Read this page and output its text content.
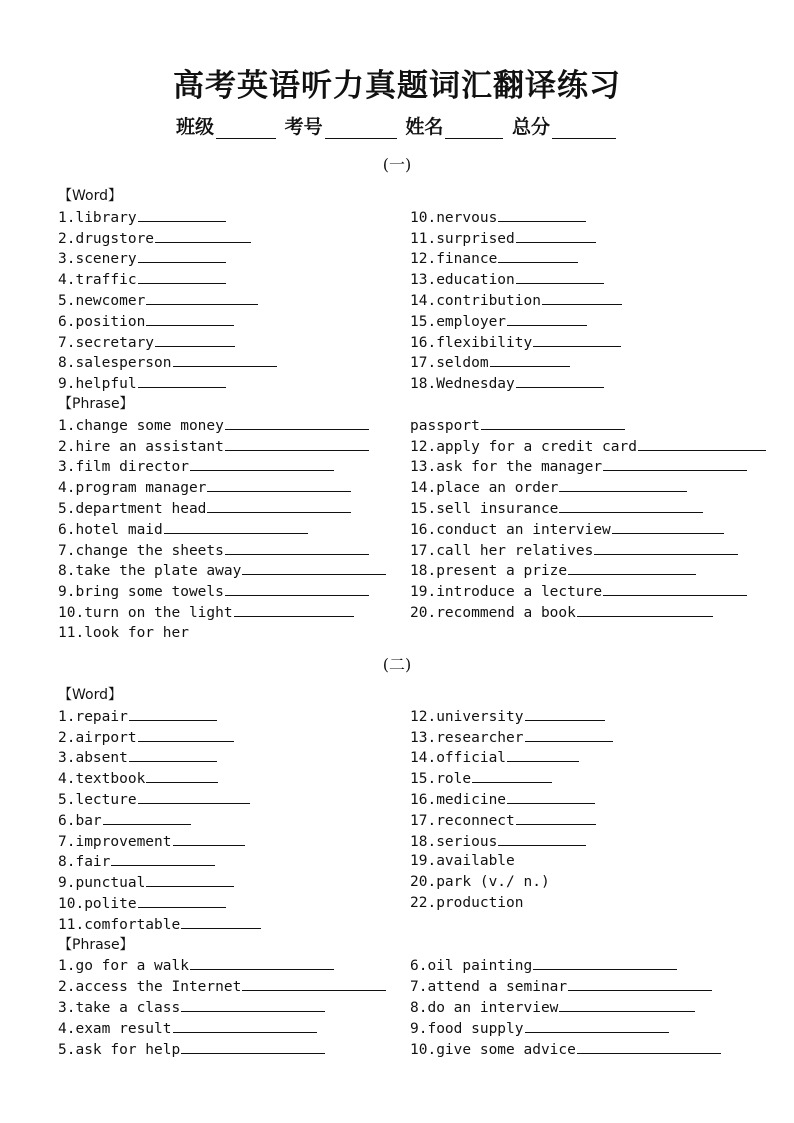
高考英语听力真题词汇翻译练习
班级	考号	姓名	总分
(一)
【Word】
1.library
2.drugstore
3.scenery
4.traffic
5.newcomer
6.position
7.secretary
8.salesperson
9.helpful
【Phrase】
1.change some money
2.hire an assistant
3.film director
4.program manager
5.department head
6.hotel maid
7.change the sheets
8.take the plate away
9.bring some towels
10.turn on the light
11.look for her
10.nervous
11.surprised
12.finance
13.education
14.contribution
15.employer
16.flexibility
17.seldom
18.Wednesday
passport
12.apply for a credit card
13.ask for the manager
14.place an order
15.sell insurance
16.conduct an interview
17.call her relatives
18.present a prize
19.introduce a lecture
20.recommend a book
(二)
【Word】
1.repair
2.airport
3.absent
4.textbook
5.lecture
6.bar
7.improvement
8.fair
9.punctual
10.polite
11.comfortable
【Phrase】
1.go for a walk
2.access the Internet
3.take a class
4.exam result
5.ask for help
12.university
13.researcher
14.official
15.role
16.medicine
17.reconnect
18.serious
19.available
20.park (v./ n.)
22.production
6.oil painting
7.attend a seminar
8.do an interview
9.food supply
10.give some advice
